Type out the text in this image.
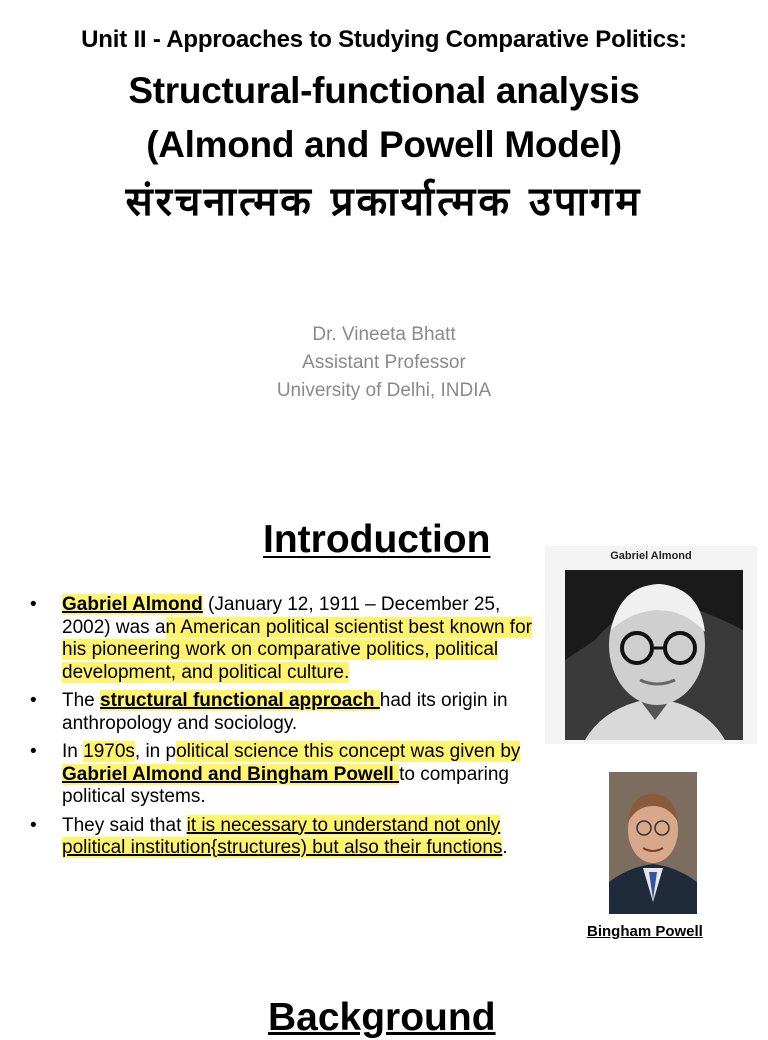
Unit II - Approaches to Studying Comparative Politics:
Structural-functional analysis
(Almond and Powell Model)
संरचनात्मक प्रकार्यात्मक उपागम
Dr. Vineeta Bhatt
Assistant Professor
University of Delhi, INDIA
Introduction
• Gabriel Almond (January 12, 1911 – December 25, 2002) was an American political scientist best known for his pioneering work on comparative politics, political development, and political culture.
• The structural functional approach had its origin in anthropology and sociology.
• In 1970s, in political science this concept was given by Gabriel Almond and Bingham Powell to comparing political systems.
• They said that it is necessary to understand not only political institution{structures) but also their functions.
Gabriel Almond
Bingham Powell
Background
